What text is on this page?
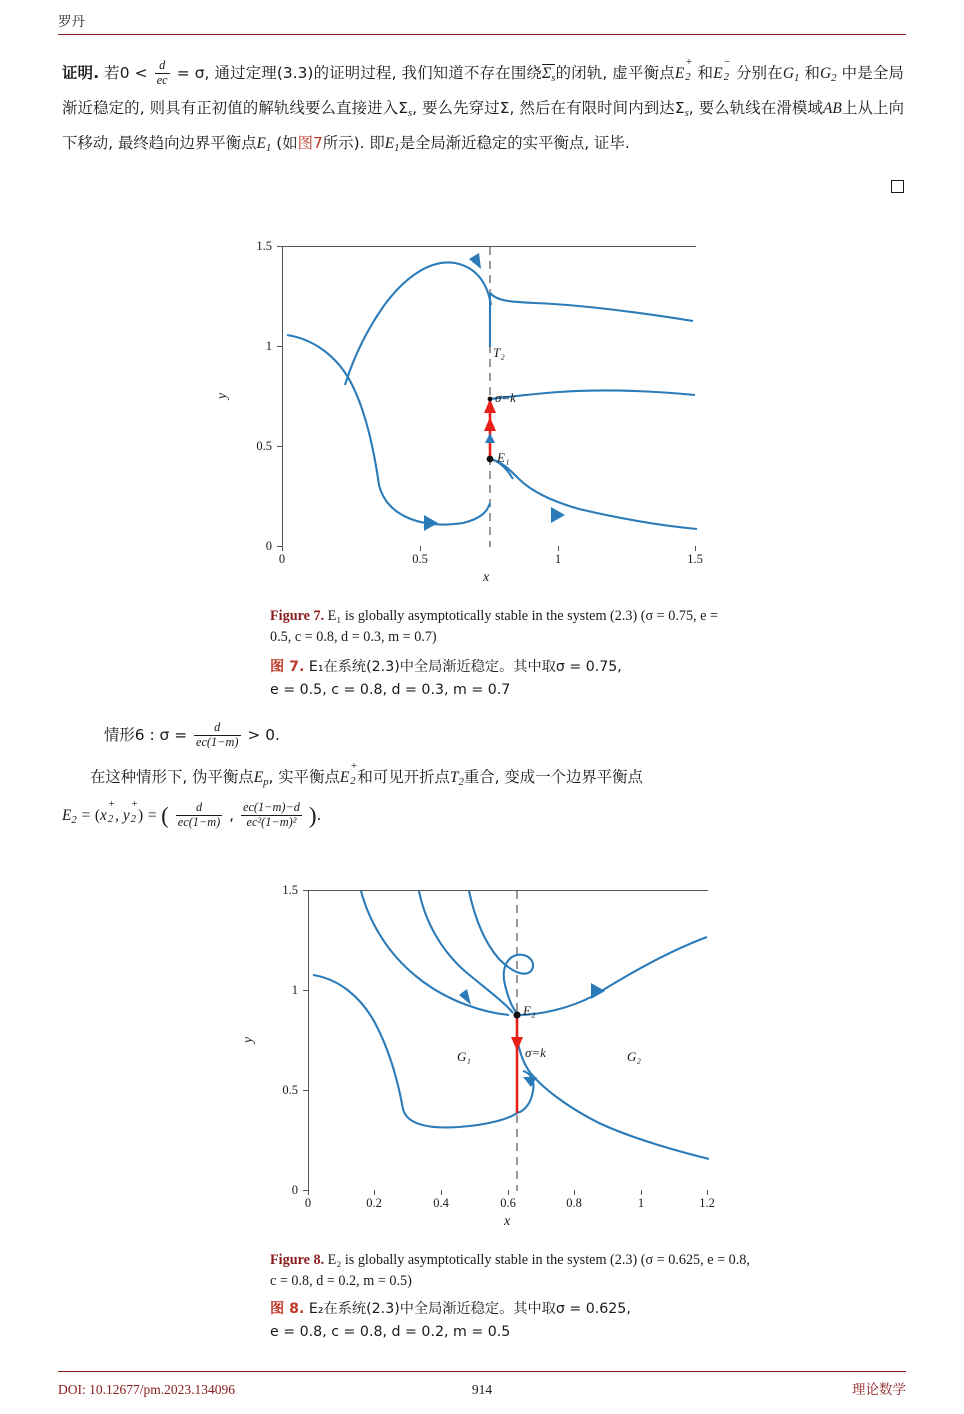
罗丹
证明. 若$0 < \frac{d}{ec} = \sigma$, 通过定理(3.3)的证明过程, 我们知道不存在围绕$\Sigma_s$的闭轨, 虚平衡点E
+
2 和E
−
2 分别在$G_1$ 和$G_2$ 中是全局渐近稳定的, 则具有正初值的解轨线要么直接进入$\Sigma_s$, 要么先穿过Σ, 然后在有限时间内到达$\Sigma_s$, 要么轨线在滑模域AB上从上向下移动, 最终趋向边界平衡点$E_1$ (如图7所示). 即$E_1$是全局渐近稳定的实平衡点, 证毕.
T₂
σ=k
E₁
0	0.5	1	1.5
0
0.5
1
1.5
x
y
Figure 7. E₁ is globally asymptotically stable in the system (2.3) (σ = 0.75, e = 0.5, c = 0.8, d = 0.3, m = 0.7)
图 7. E₁在系统(2.3)中全局渐近稳定。其中取σ = 0.75,
e = 0.5, c = 0.8, d = 0.3, m = 0.7
情形6 : $\sigma = \frac{d}{ec(1-m)} > 0$.
在这种情形下, 伪平衡点$E_p$, 实平衡点E
+
2 和可见开折点$T_2$重合, 变成一个边界平衡点
$E_2 = (x$
+
2 , y
+
2 ) = ( $\frac{d}{ec(1-m)}$ , $\frac{ec(1-m)-d}{\text{ec²(1−m)²}}$ ).
E₂
σ=k
G₁	G₂
0	0.2	0.4	0.6	0.8	1	1.2
0
0.5
1
1.5
x
y
Figure 8. E₂ is globally asymptotically stable in the system (2.3) (σ = 0.625, e = 0.8, c = 0.8, d = 0.2, m = 0.5)
图 8. E₂在系统(2.3)中全局渐近稳定。其中取σ = 0.625,
e = 0.8, c = 0.8, d = 0.2, m = 0.5
DOI: 10.12677/pm.2023.134096	914	理论数学
